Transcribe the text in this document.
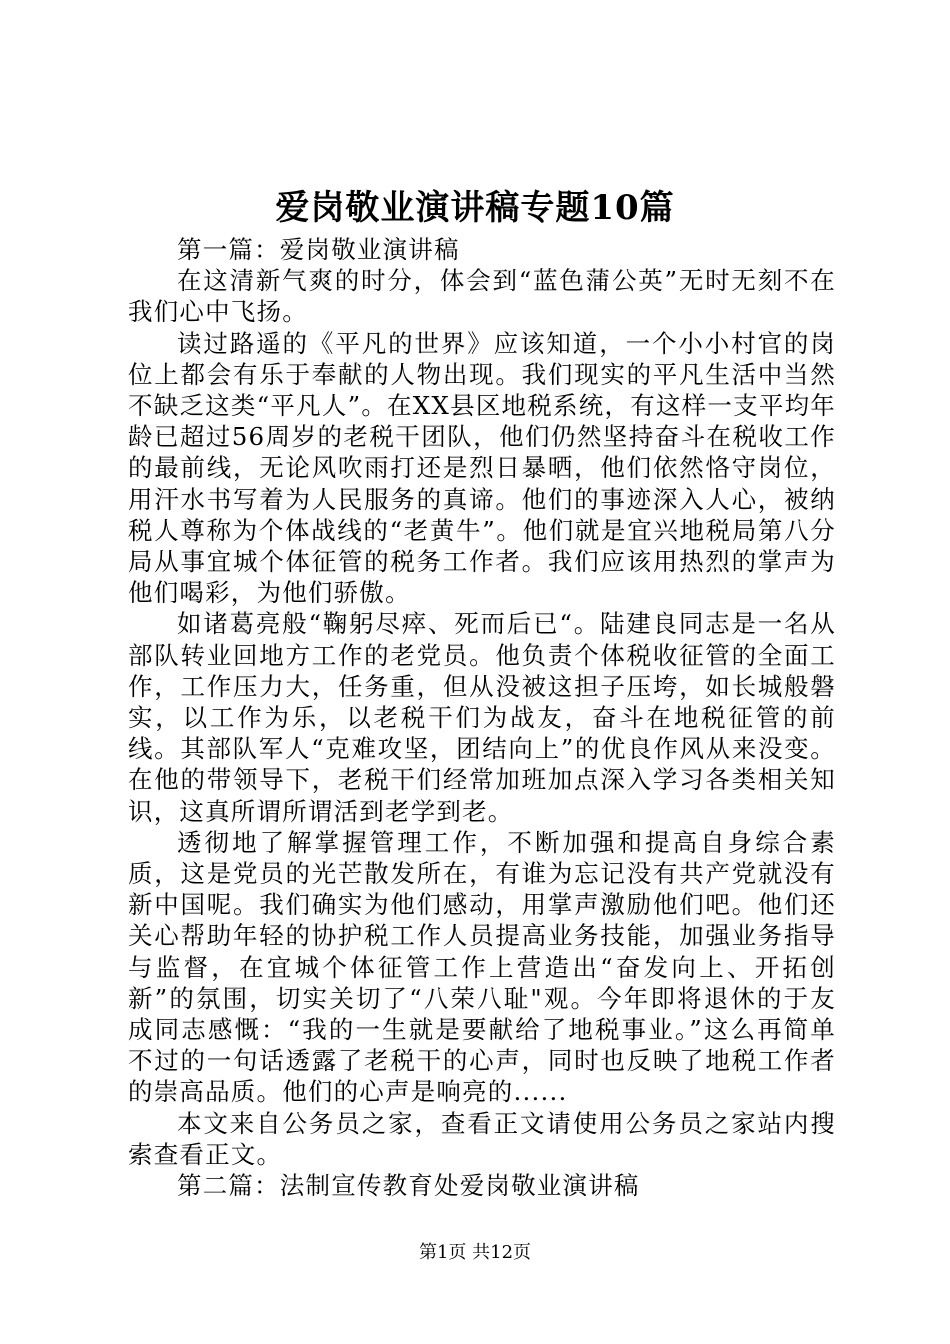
爱岗敬业演讲稿专题10篇

第一篇：爱岗敬业演讲稿

在这清新气爽的时分，体会到“蓝色蒲公英”无时无刻不在我们心中飞扬。

读过路遥的《平凡的世界》应该知道，一个小小村官的岗位上都会有乐于奉献的人物出现。我们现实的平凡生活中当然不缺乏这类“平凡人”。在XX县区地税系统，有这样一支平均年龄已超过56周岁的老税干团队，他们仍然坚持奋斗在税收工作的最前线，无论风吹雨打还是烈日暴晒，他们依然恪守岗位，用汗水书写着为人民服务的真谛。他们的事迹深入人心，被纳税人尊称为个体战线的“老黄牛”。他们就是宜兴地税局第八分局从事宜城个体征管的税务工作者。我们应该用热烈的掌声为他们喝彩，为他们骄傲。

如诸葛亮般“鞠躬尽瘁、死而后已“。陆建良同志是一名从部队转业回地方工作的老党员。他负责个体税收征管的全面工作，工作压力大，任务重，但从没被这担子压垮，如长城般磐实，以工作为乐，以老税干们为战友，奋斗在地税征管的前线。其部队军人“克难攻坚，团结向上”的优良作风从来没变。在他的带领导下，老税干们经常加班加点深入学习各类相关知识，这真所谓所谓活到老学到老。

透彻地了解掌握管理工作，不断加强和提高自身综合素质，这是党员的光芒散发所在，有谁为忘记没有共产党就没有新中国呢。我们确实为他们感动，用掌声激励他们吧。他们还关心帮助年轻的协护税工作人员提高业务技能，加强业务指导与监督，在宜城个体征管工作上营造出“奋发向上、开拓创新”的氛围，切实关切了“八荣八耻"观。今年即将退休的于友成同志感慨：“我的一生就是要献给了地税事业。”这么再简单不过的一句话透露了老税干的心声，同时也反映了地税工作者的崇高品质。他们的心声是响亮的......

本文来自公务员之家，查看正文请使用公务员之家站内搜索查看正文。

第二篇：法制宣传教育处爱岗敬业演讲稿

第1页 共12页
